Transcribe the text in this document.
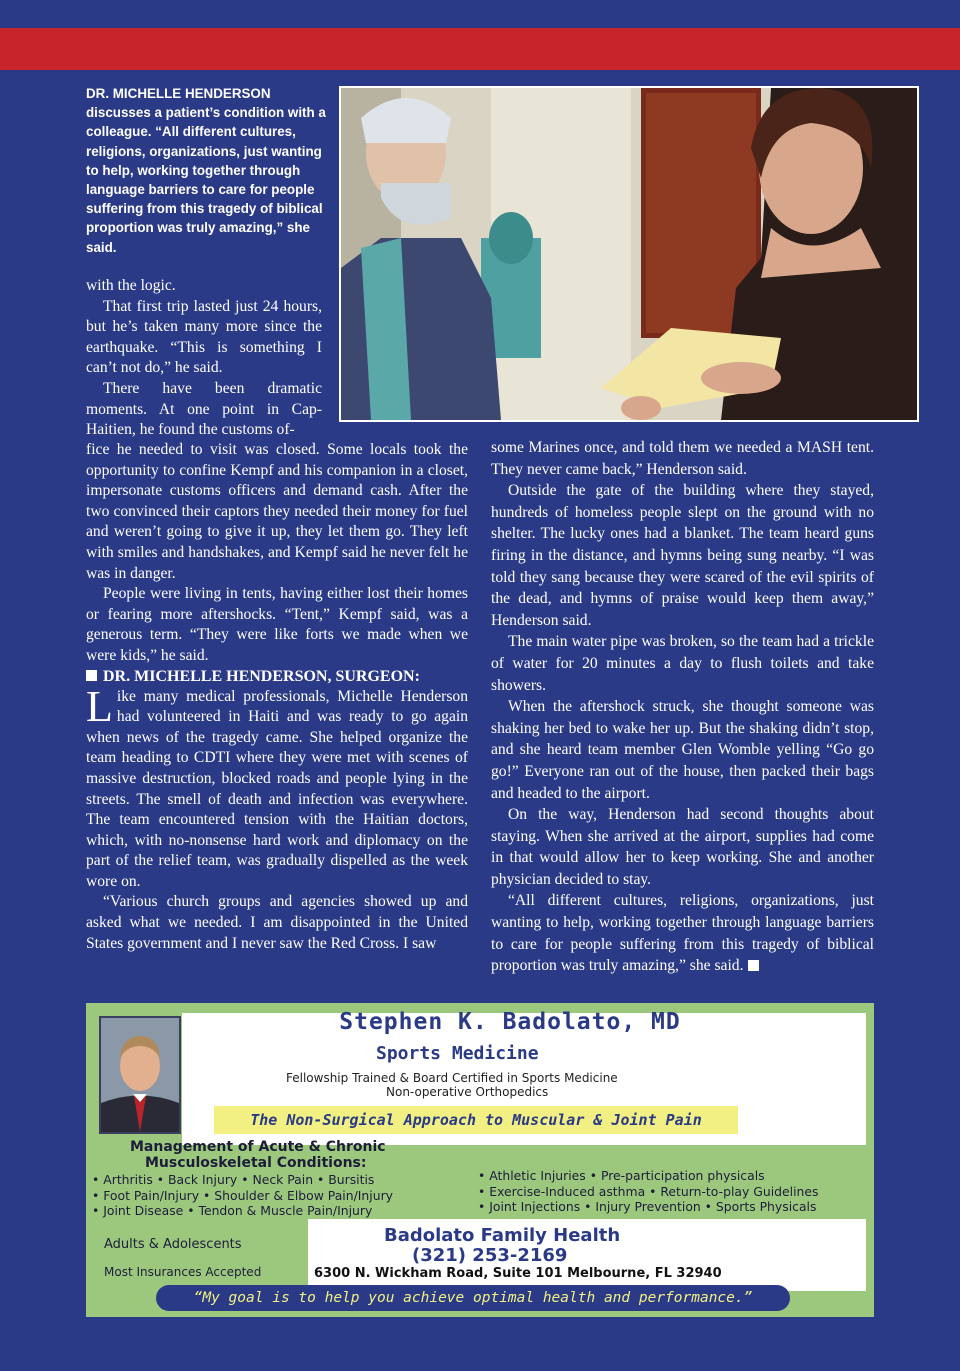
DR. MICHELLE HENDERSON
discusses a patient’s condition with a colleague. “All different cultures, religions, organizations, just wanting to help, working together through language barriers to care for people suffering from this tragedy of biblical proportion was truly amazing,” she said.

with the logic.

That first trip lasted just 24 hours, but he’s taken many more since the earthquake. “This is something I can’t not do,” he said.

There have been dramatic moments. At one point in Cap-Haitien, he found the customs of-

fice he needed to visit was closed. Some locals took the opportunity to confine Kempf and his companion in a closet, impersonate customs officers and demand cash. After the two convinced their captors they needed their money for fuel and weren’t going to give it up, they let them go. They left with smiles and handshakes, and Kempf said he never felt he was in danger.

People were living in tents, having either lost their homes or fearing more aftershocks. “Tent,” Kempf said, was a generous term. “They were like forts we made when we were kids,” he said.

DR. MICHELLE HENDERSON, SURGEON:

Like many medical professionals, Michelle Henderson had volunteered in Haiti and was ready to go again when news of the tragedy came. She helped organize the team heading to CDTI where they were met with scenes of massive destruction, blocked roads and people lying in the streets. The smell of death and infection was everywhere. The team encountered tension with the Haitian doctors, which, with no-nonsense hard work and diplomacy on the part of the relief team, was gradually dispelled as the week wore on.

“Various church groups and agencies showed up and asked what we needed. I am disappointed in the United States government and I never saw the Red Cross. I saw

some Marines once, and told them we needed a MASH tent. They never came back,” Henderson said.

Outside the gate of the building where they stayed, hundreds of homeless people slept on the ground with no shelter. The lucky ones had a blanket. The team heard guns firing in the distance, and hymns being sung nearby. “I was told they sang because they were scared of the evil spirits of the dead, and hymns of praise would keep them away,” Henderson said.

The main water pipe was broken, so the team had a trickle of water for 20 minutes a day to flush toilets and take showers.

When the aftershock struck, she thought someone was shaking her bed to wake her up. But the shaking didn’t stop, and she heard team member Glen Womble yelling “Go go go!” Everyone ran out of the house, then packed their bags and headed to the airport.

On the way, Henderson had second thoughts about staying. When she arrived at the airport, supplies had come in that would allow her to keep working. She and another physician decided to stay.

“All different cultures, religions, organizations, just wanting to help, working together through language barriers to care for people suffering from this tragedy of biblical proportion was truly amazing,” she said.

Stephen K. Badolato, MD
Sports Medicine
Fellowship Trained & Board Certified in Sports Medicine
Non-operative Orthopedics
The Non-Surgical Approach to Muscular & Joint Pain
Management of Acute & Chronic
Musculoskeletal Conditions:
• Arthritis • Back Injury • Neck Pain • Bursitis
• Foot Pain/Injury • Shoulder & Elbow Pain/Injury
• Joint Disease • Tendon & Muscle Pain/Injury
• Athletic Injuries • Pre-participation physicals
• Exercise-Induced asthma • Return-to-play Guidelines
• Joint Injections • Injury Prevention • Sports Physicals
Adults & Adolescents
Most Insurances Accepted
Badolato Family Health
(321) 253-2169
6300 N. Wickham Road, Suite 101 Melbourne, FL 32940
“My goal is to help you achieve optimal health and performance.”
